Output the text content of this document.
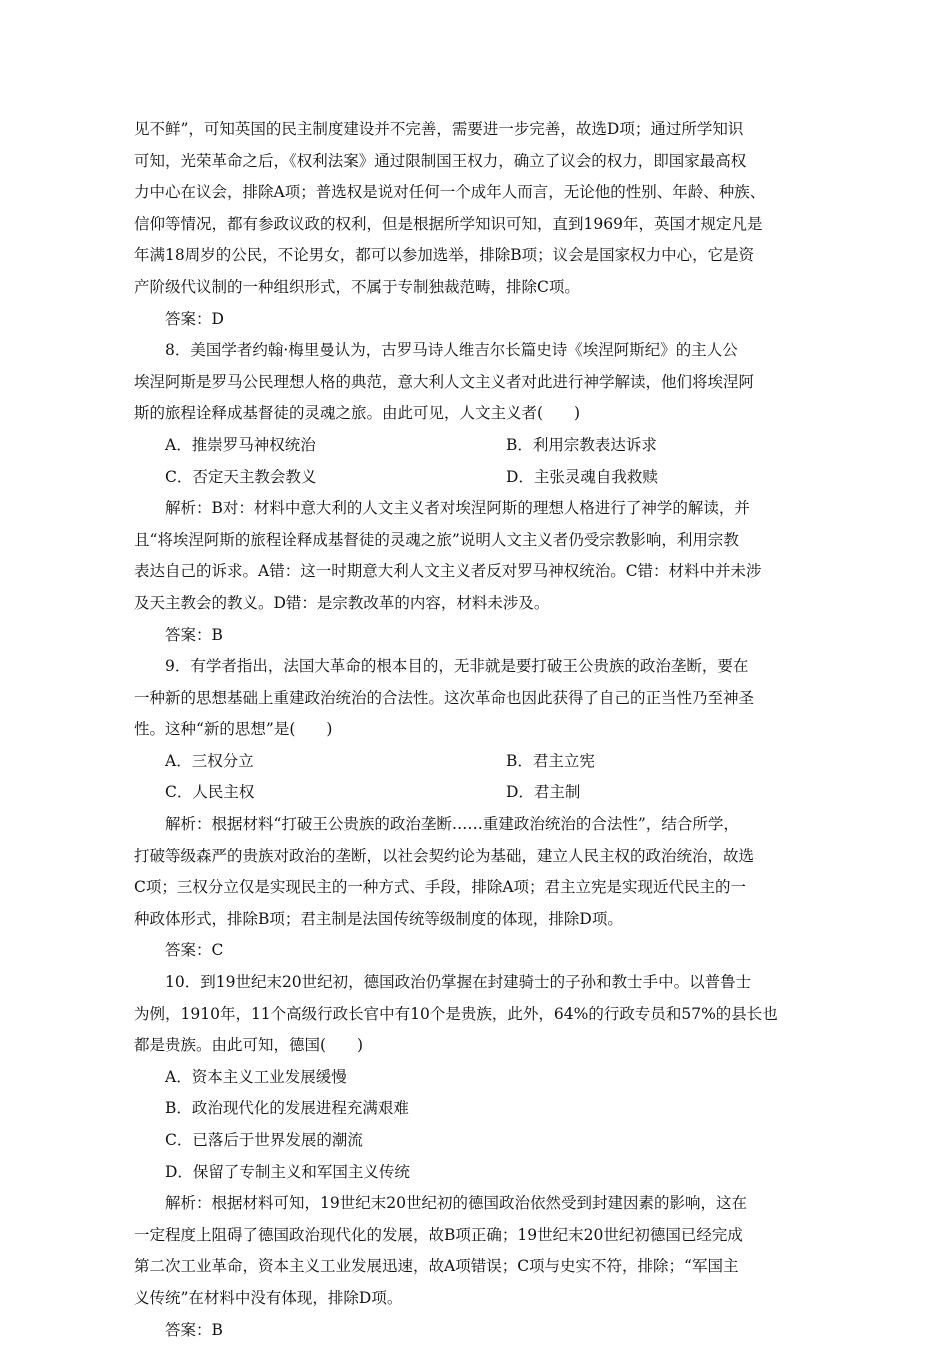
见不鲜”，可知英国的民主制度建设并不完善，需要进一步完善，故选D项；通过所学知识
可知，光荣革命之后，《权利法案》通过限制国王权力，确立了议会的权力，即国家最高权
力中心在议会，排除A项；普选权是说对任何一个成年人而言，无论他的性别、年龄、种族、
信仰等情况，都有参政议政的权利，但是根据所学知识可知，直到1969年，英国才规定凡是
年满18周岁的公民，不论男女，都可以参加选举，排除B项；议会是国家权力中心，它是资
产阶级代议制的一种组织形式，不属于专制独裁范畴，排除C项。
答案：D
8．美国学者约翰·梅里曼认为，古罗马诗人维吉尔长篇史诗《埃涅阿斯纪》的主人公
埃涅阿斯是罗马公民理想人格的典范，意大利人文主义者对此进行神学解读，他们将埃涅阿
斯的旅程诠释成基督徒的灵魂之旅。由此可见，人文主义者(　　)
A．推崇罗马神权统治	B．利用宗教表达诉求
C．否定天主教会教义	D．主张灵魂自我救赎
解析：B对：材料中意大利的人文主义者对埃涅阿斯的理想人格进行了神学的解读，并
且“将埃涅阿斯的旅程诠释成基督徒的灵魂之旅”说明人文主义者仍受宗教影响，利用宗教
表达自己的诉求。A错：这一时期意大利人文主义者反对罗马神权统治。C错：材料中并未涉
及天主教会的教义。D错：是宗教改革的内容，材料未涉及。
答案：B
9．有学者指出，法国大革命的根本目的，无非就是要打破王公贵族的政治垄断，要在
一种新的思想基础上重建政治统治的合法性。这次革命也因此获得了自己的正当性乃至神圣
性。这种“新的思想”是(　　)
A．三权分立	B．君主立宪
C．人民主权	D．君主制
解析：根据材料“打破王公贵族的政治垄断……重建政治统治的合法性”，结合所学，
打破等级森严的贵族对政治的垄断，以社会契约论为基础，建立人民主权的政治统治，故选
C项；三权分立仅是实现民主的一种方式、手段，排除A项；君主立宪是实现近代民主的一
种政体形式，排除B项；君主制是法国传统等级制度的体现，排除D项。
答案：C
10．到19世纪末20世纪初，德国政治仍掌握在封建骑士的子孙和教士手中。以普鲁士
为例，1910年，11个高级行政长官中有10个是贵族，此外，64%的行政专员和57%的县长也
都是贵族。由此可知，德国(　　)
A．资本主义工业发展缓慢
B．政治现代化的发展进程充满艰难
C．已落后于世界发展的潮流
D．保留了专制主义和军国主义传统
解析：根据材料可知，19世纪末20世纪初的德国政治依然受到封建因素的影响，这在
一定程度上阻碍了德国政治现代化的发展，故B项正确；19世纪末20世纪初德国已经完成
第二次工业革命，资本主义工业发展迅速，故A项错误；C项与史实不符，排除；“军国主
义传统”在材料中没有体现，排除D项。
答案：B
